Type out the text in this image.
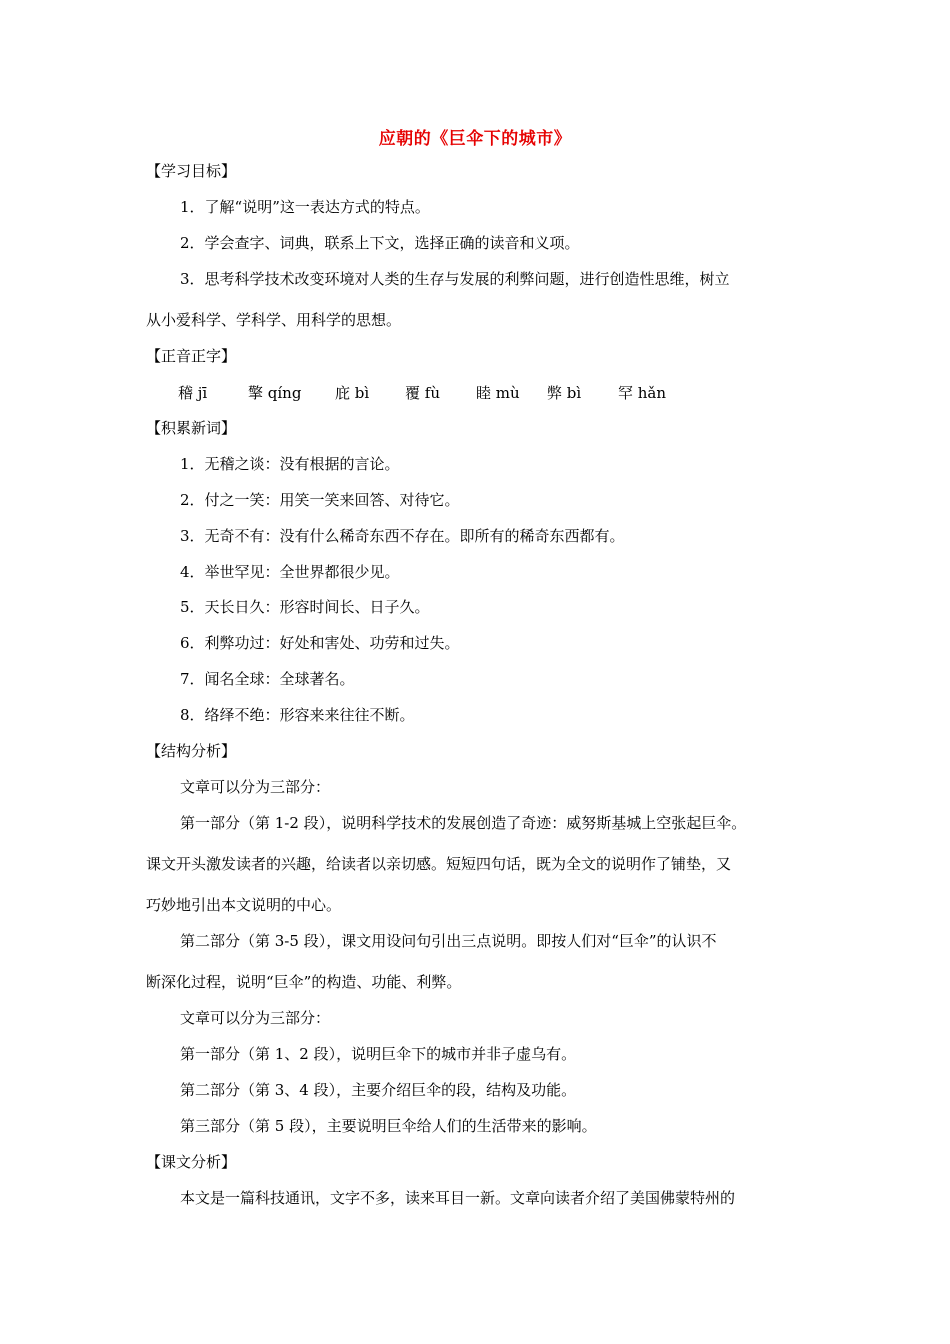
应朝的《巨伞下的城市》
【学习目标】
1．了解“说明”这一表达方式的特点。
2．学会查字、词典，联系上下文，选择正确的读音和义项。
3．思考科学技术改变环境对人类的生存与发展的利弊问题，进行创造性思维，树立
从小爱科学、学科学、用科学的思想。
【正音正字】
稽 jī	擎 qíng 庇 bì 覆 fù 睦 mù 弊 bì 罕 hǎn
【积累新词】
1．无稽之谈：没有根据的言论。
2．付之一笑：用笑一笑来回答、对待它。
3．无奇不有：没有什么稀奇东西不存在。即所有的稀奇东西都有。
4．举世罕见：全世界都很少见。
5．天长日久：形容时间长、日子久。
6．利弊功过：好处和害处、功劳和过失。
7．闻名全球：全球著名。
8．络绎不绝：形容来来往往不断。
【结构分析】
文章可以分为三部分：
第一部分（第 1-2 段），说明科学技术的发展创造了奇迹：威努斯基城上空张起巨伞。
课文开头激发读者的兴趣，给读者以亲切感。短短四句话，既为全文的说明作了铺垫，又
巧妙地引出本文说明的中心。
第二部分（第 3-5 段），课文用设问句引出三点说明。即按人们对“巨伞”的认识不
断深化过程，说明“巨伞”的构造、功能、利弊。
文章可以分为三部分：
第一部分（第 1、2 段），说明巨伞下的城市并非子虚乌有。
第二部分（第 3、4 段），主要介绍巨伞的段，结构及功能。
第三部分（第 5 段），主要说明巨伞给人们的生活带来的影响。
【课文分析】
本文是一篇科技通讯，文字不多，读来耳目一新。文章向读者介绍了美国佛蒙特州的
